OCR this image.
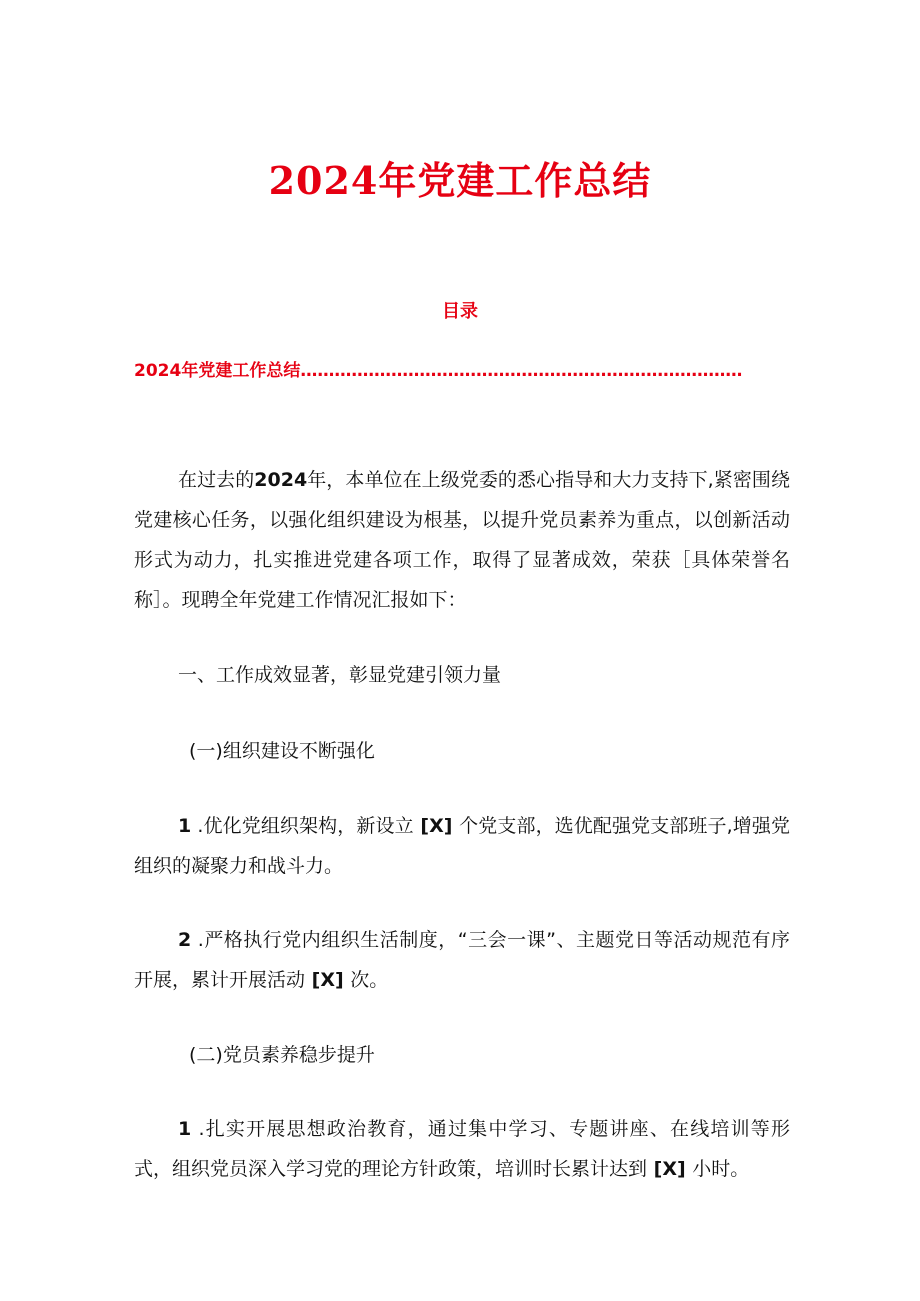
2024年党建工作总结
目录
2024年党建工作总结……………………………………………………………………

在过去的2024年，本单位在上级党委的悉心指导和大力支持下,紧密围绕党建核心任务，以强化组织建设为根基，以提升党员素养为重点，以创新活动形式为动力，扎实推进党建各项工作，取得了显著成效，荣获［具体荣誉名称］。现聘全年党建工作情况汇报如下：

一、工作成效显著，彰显党建引领力量

(一)组织建设不断强化

1 .优化党组织架构，新设立 [X] 个党支部，选优配强党支部班子,增强党组织的凝聚力和战斗力。

2 .严格执行党内组织生活制度，“三会一课”、主题党日等活动规范有序开展，累计开展活动 [X] 次。

(二)党员素养稳步提升

1 .扎实开展思想政治教育，通过集中学习、专题讲座、在线培训等形式，组织党员深入学习党的理论方针政策，培训时长累计达到 [X] 小时。
